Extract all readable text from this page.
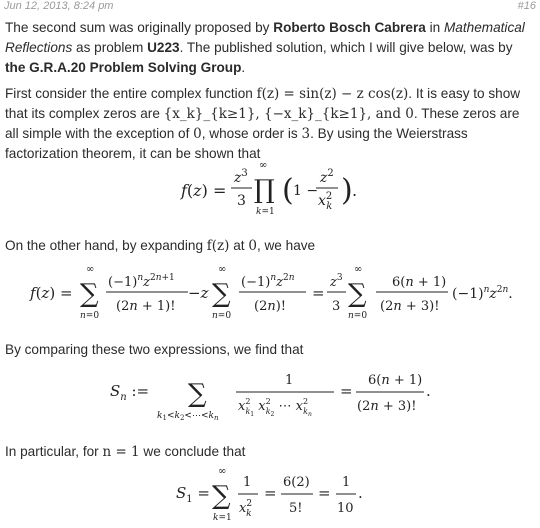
Jun 12, 2013, 8:24 pm	#16
The second sum was originally proposed by Roberto Bosch Cabrera in Mathematical Reflections as problem U223. The published solution, which I will give below, was by the G.R.A.20 Problem Solving Group.
First consider the entire complex function f(z) = sin(z) − z cos(z). It is easy to show that its complex zeros are {x_k}_{k≥1}, {−x_k}_{k≥1}, and 0. These zeros are all simple with the exception of 0, whose order is 3. By using the Weierstrass factorization theorem, it can be shown that
f(z) =
$z^3$
3
∞
∏
k=1
( 1 −
$z^2$
$x^2$ k ) .
On the other hand, by expanding f(z) at 0, we have
f(z) =
∞
∑
n=0
$(-1)^nz^{2n+1}$
(2n + 1)!
−z
∞
∑
n=0
$(-1)^nz^{2n}$
(2n)!
=
$z^3$
3
∞
∑
n=0
6(n + 1)
(2n + 3)!
$(-1)^nz^{2n}$.
By comparing these two expressions, we find that
$S_n$ := ∑
$k_1<k_2<\cdots<k_n$
1
$x^2$ k1 $x^2$ k2 ⋯ $x^2$ kn
=
6(n + 1)
(2n + 3)!
.
In particular, for n = 1 we conclude that
$S_1$ =
∞
∑
k=1
1
$x^2$ k
=
6(2)
5!
=
1
10
.
